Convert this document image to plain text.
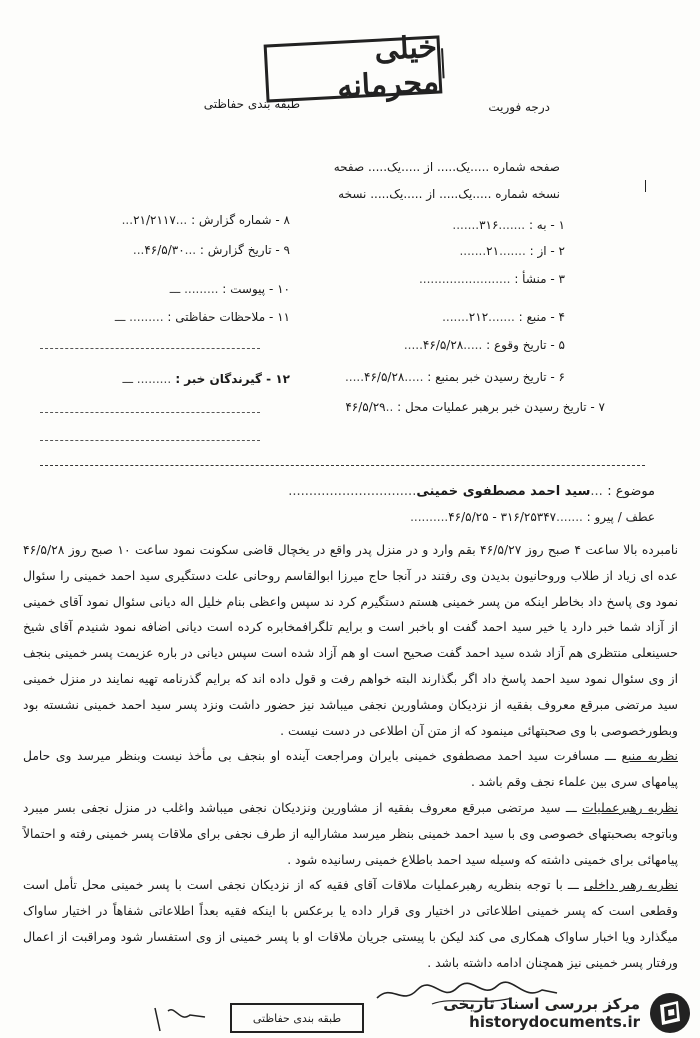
خیلی محرمانه
طبقه بندی حفاظتی	درجه فوریت
صفحه شماره .....یک..... از .....یک..... صفحه
نسخه شماره .....یک..... از .....یک..... نسخه
۱ - به : .......۳۱۶.......
۲ - از : .......۲۱.......
۳ - منشأ : ........................
۴ - منبع : .......۲۱۲.......
۵ - تاریخ وقوع : .....۴۶/۵/۲۸.....
۶ - تاریخ رسیدن خبر بمنبع : .....۴۶/۵/۲۸.....
۷ - تاریخ رسیدن خبر برهبر عملیات محل : ..۴۶/۵/۲۹
۸ - شماره گزارش : ...۲۱/۲۱۱۷...
۹ - تاریخ گزارش : ...۴۶/۵/۳۰...
۱۰ - پیوست : ......... ـــ
۱۱ - ملاحظات حفاظتی : ......... ـــ
۱۲ - گیرندگان خبر : ......... ـــ
موضوع : ...سید احمد مصطفوی خمینی...............................
عطف / پیرو : .......۳۱۶/۲۵۳۴۷ - ۴۶/۵/۲۵..........

نامبرده بالا ساعت ۴ صبح روز ۴۶/۵/۲۷ بقم وارد و در منزل پدر واقع در یخچال قاضی سکونت نمود ساعت ۱۰ صبح روز ۴۶/۵/۲۸ عده ای زیاد از طلاب وروحانیون بدیدن وی رفتند در آنجا حاج میرزا ابوالقاسم روحانی علت دستگیری سید احمد خمینی را سئوال نمود وی پاسخ داد بخاطر اینکه من پسر خمینی هستم دستگیرم کرد ند سپس واعظی بنام خلیل اله دیانی سئوال نمود آقای خمینی از آزاد شما خبر دارد یا خیر سید احمد گفت او باخبر است و برایم تلگرافمخابره کرده است دیانی اضافه نمود شنیدم آقای شیخ حسینعلی منتظری هم آزاد شده سید احمد گفت صحیح است او هم آزاد شده است سپس دیانی در باره عزیمت پسر خمینی بنجف از وی سئوال نمود سید احمد پاسخ داد اگر بگذارند البته خواهم رفت و قول داده اند که برایم گذرنامه تهیه نمایند در منزل خمینی سید مرتضی مبرقع معروف بفقیه از نزدیکان ومشاورین نجفی میباشد نیز حضور داشت ونزد پسر سید احمد خمینی نشسته بود وبطورخصوصی با وی صحبتهائی مینمود که از متن آن اطلاعی در دست نیست .

نظریه منبع ـــ مسافرت سید احمد مصطفوی خمینی بایران ومراجعت آینده او بنجف بی مأخذ نیست وبنظر میرسد وی حامل پیامهای سری بین علماء نجف وقم باشد .

نظریه رهبرعملیات ـــ سید مرتضی مبرقع معروف بفقیه از مشاورین ونزدیکان نجفی میباشد واغلب در منزل نجفی بسر میبرد وباتوجه بصحبتهای خصوصی وی با سید احمد خمینی بنظر میرسد مشارالیه از طرف نجفی برای ملاقات پسر خمینی رفته و احتمالاً پیامهائی برای خمینی داشته که وسیله سید احمد باطلاع خمینی رسانیده شود .

نظریه رهبر داخلی ـــ با توجه بنظریه رهبرعملیات ملاقات آقای فقیه که از نزدیکان نجفی است با پسر خمینی محل تأمل است وقطعی است که پسر خمینی اطلاعاتی در اختیار وی قرار داده یا برعکس با اینکه فقیه بعداً اطلاعاتی شفاهاً در اختیار ساواک میگذارد ویا اخبار ساواک همکاری می کند لیکن با پیستی جریان ملاقات او با پسر خمینی از وی استفسار شود ومراقبت از اعمال ورفتار پسر خمینی نیز همچنان ادامه داشته باشد .

طبقه بندی حفاظتی
مرکز بررسی اسناد تاریخی
historydocuments.ir
